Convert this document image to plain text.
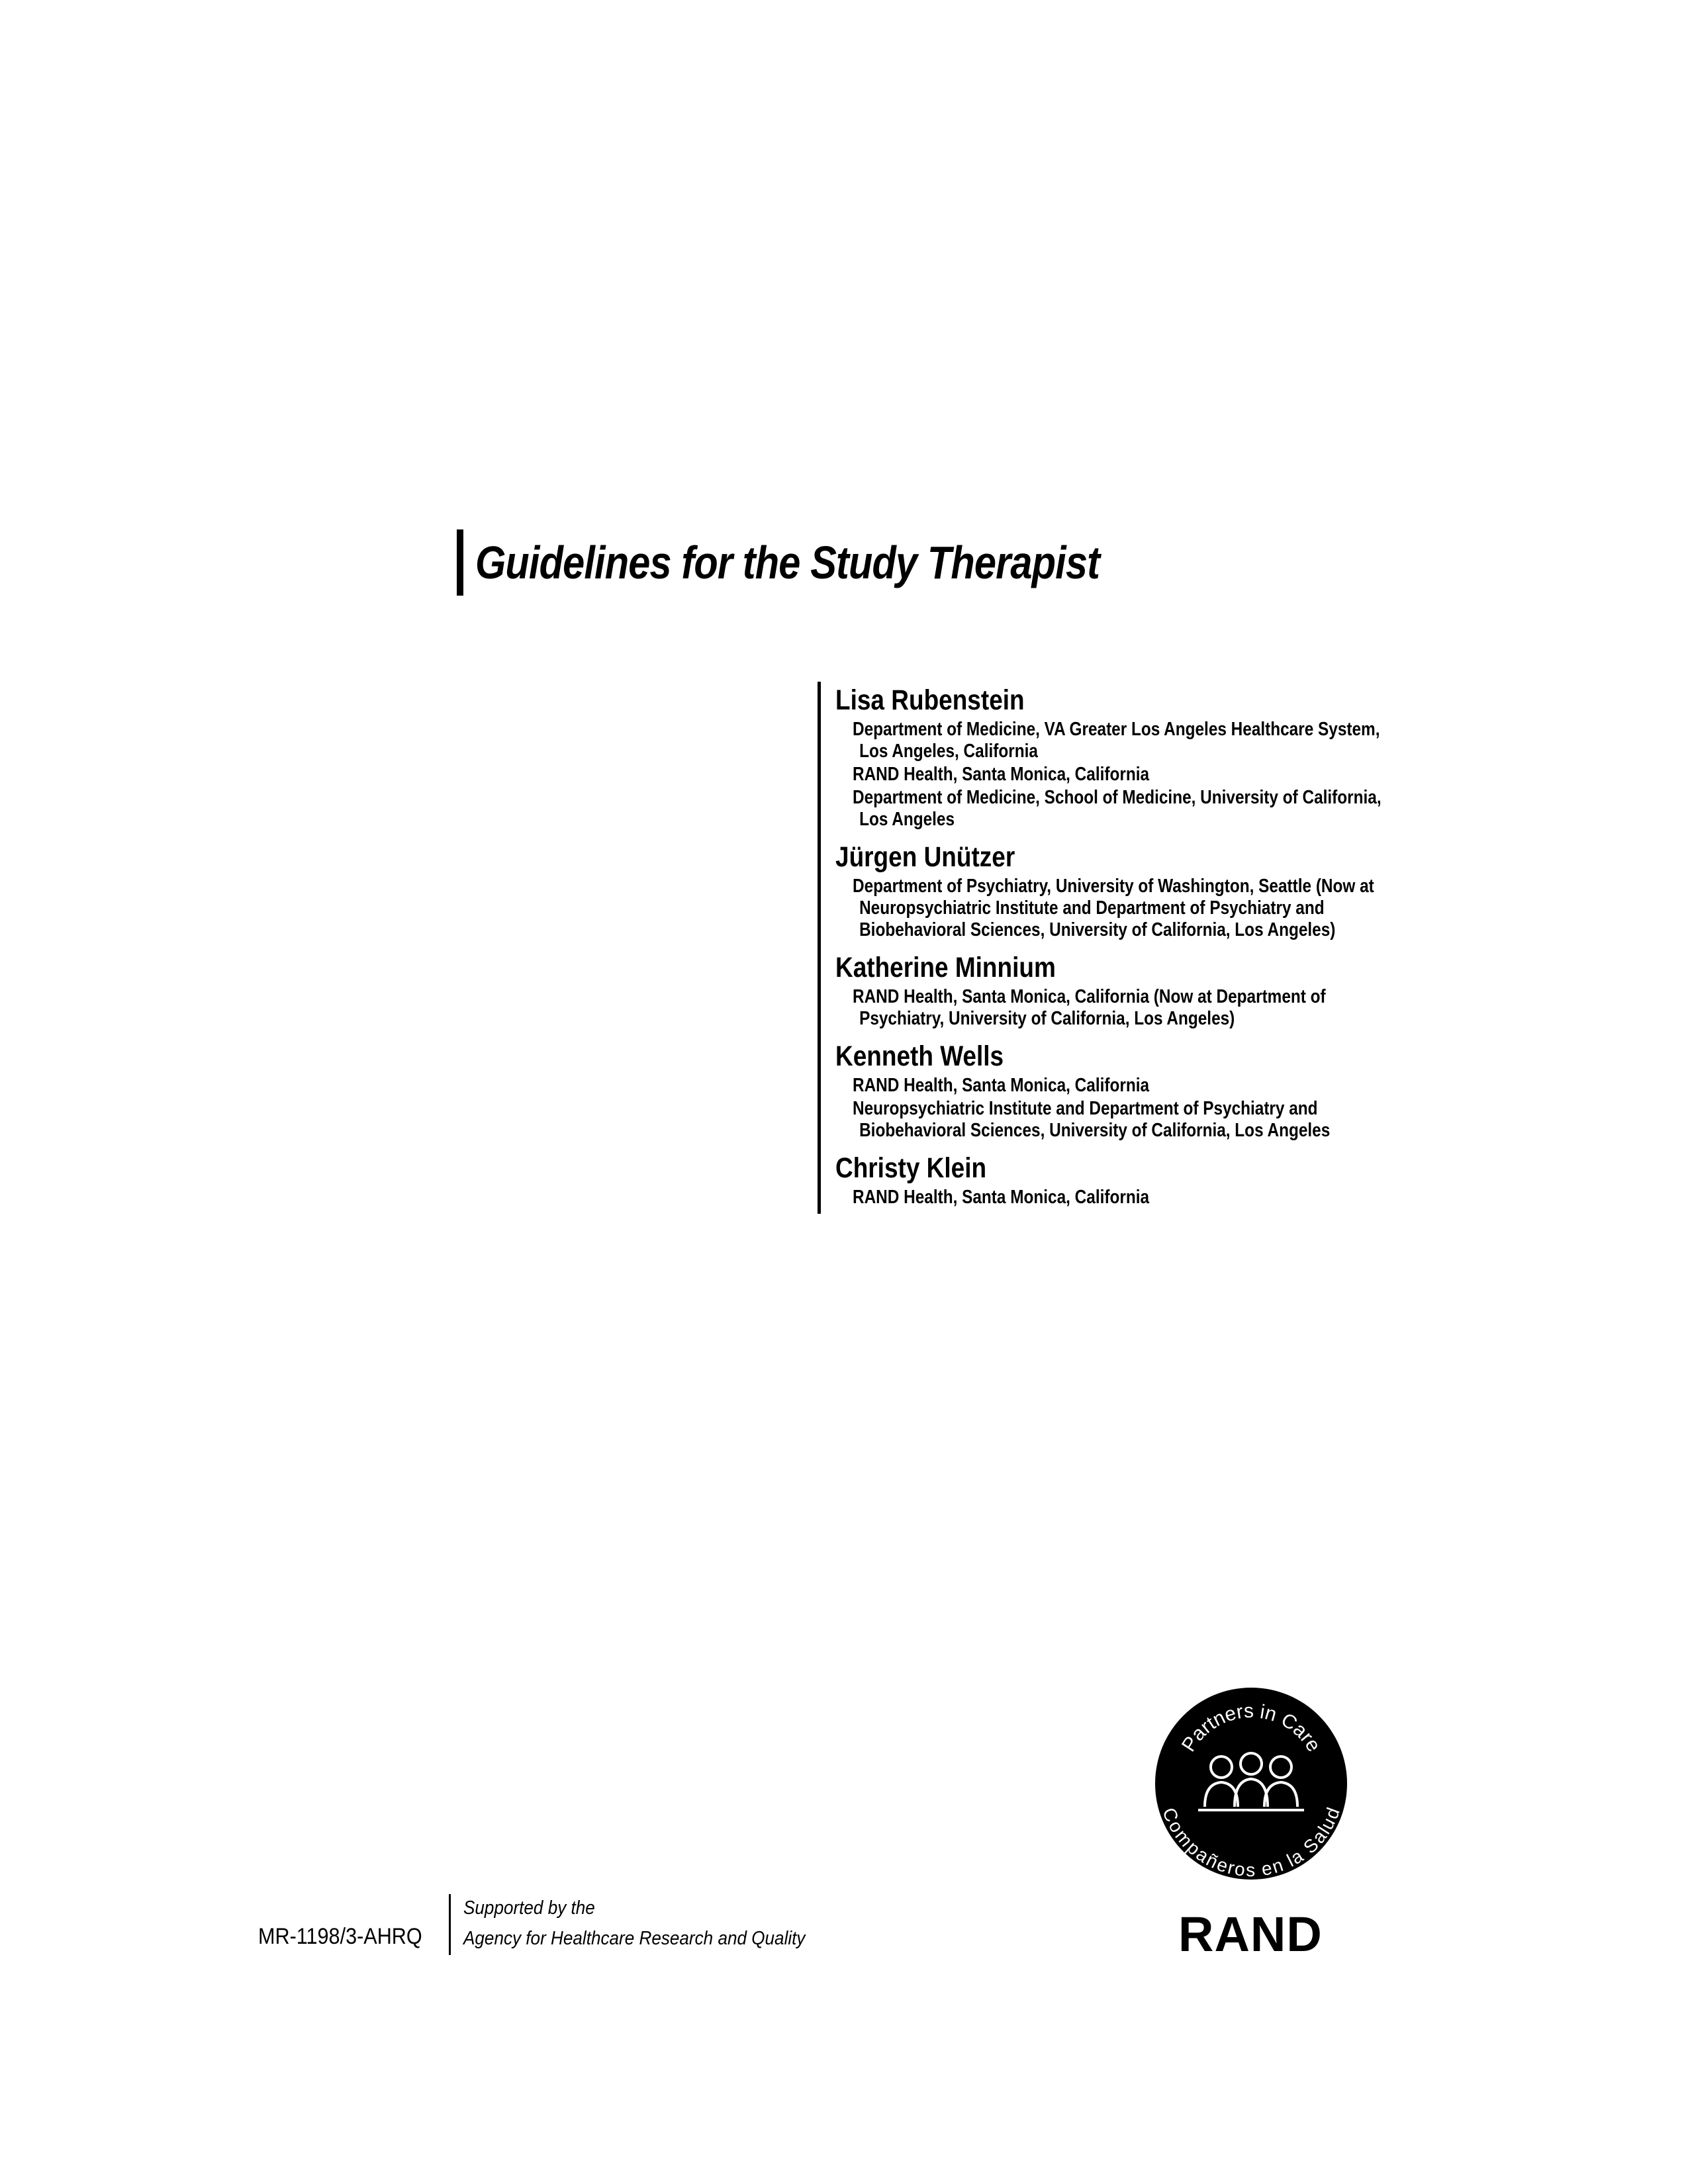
Guidelines for the Study Therapist
Lisa Rubenstein
Department of Medicine, VA Greater Los Angeles Healthcare System, Los Angeles, California
RAND Health, Santa Monica, California
Department of Medicine, School of Medicine, University of California, Los Angeles
Jürgen Unützer
Department of Psychiatry, University of Washington, Seattle (Now at Neuropsychiatric Institute and Department of Psychiatry and Biobehavioral Sciences, University of California, Los Angeles)
Katherine Minnium
RAND Health, Santa Monica, California (Now at Department of Psychiatry, University of California, Los Angeles)
Kenneth Wells
RAND Health, Santa Monica, California
Neuropsychiatric Institute and Department of Psychiatry and Biobehavioral Sciences, University of California, Los Angeles
Christy Klein
RAND Health, Santa Monica, California
Partners in Care
Compañeros en la Salud
RAND
MR-1198/3-AHRQ
Supported by the
Agency for Healthcare Research and Quality
